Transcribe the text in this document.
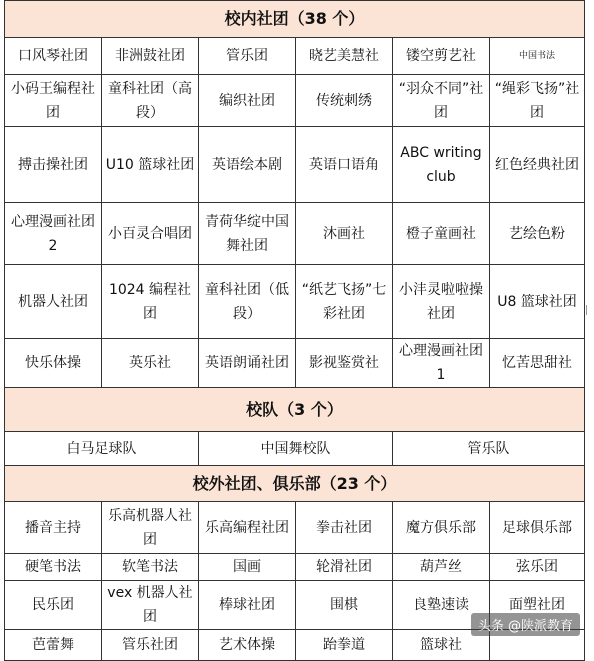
校内社团（38 个）					
口风琴社团	非洲鼓社团	管乐团	晓艺美慧社	镂空剪艺社	中国书法
小码王编程社团	童科社团（高段）	编织社团	传统刺绣	“羽众不同”社团	“绳彩飞扬”社团
搏击操社团	U10 篮球社团	英语绘本剧	英语口语角	ABC writing club	红色经典社团
心理漫画社团 2	小百灵合唱团	青荷华绽中国舞社团	沐画社	橙子童画社	艺绘色粉
机器人社团	1024 编程社团	童科社团（低段）	“纸艺飞扬”七彩社团	小沣灵啦啦操社团	U8 篮球社团
快乐体操	英乐社	英语朗诵社团	影视鉴赏社	心理漫画社团 1	忆苦思甜社
校队（3 个）					
白马足球队		中国舞校队		管乐队	
校外社团、俱乐部（23 个）					
播音主持	乐高机器人社团	乐高编程社团	拳击社团	魔方俱乐部	足球俱乐部
硬笔书法	软笔书法	国画	轮滑社团	葫芦丝	弦乐团
民乐团	vex 机器人社团	棒球社团	围棋	良塾速读	面塑社团
芭蕾舞	管乐社团	艺术体操	跆拳道	篮球社	
头条 @陕派教育
